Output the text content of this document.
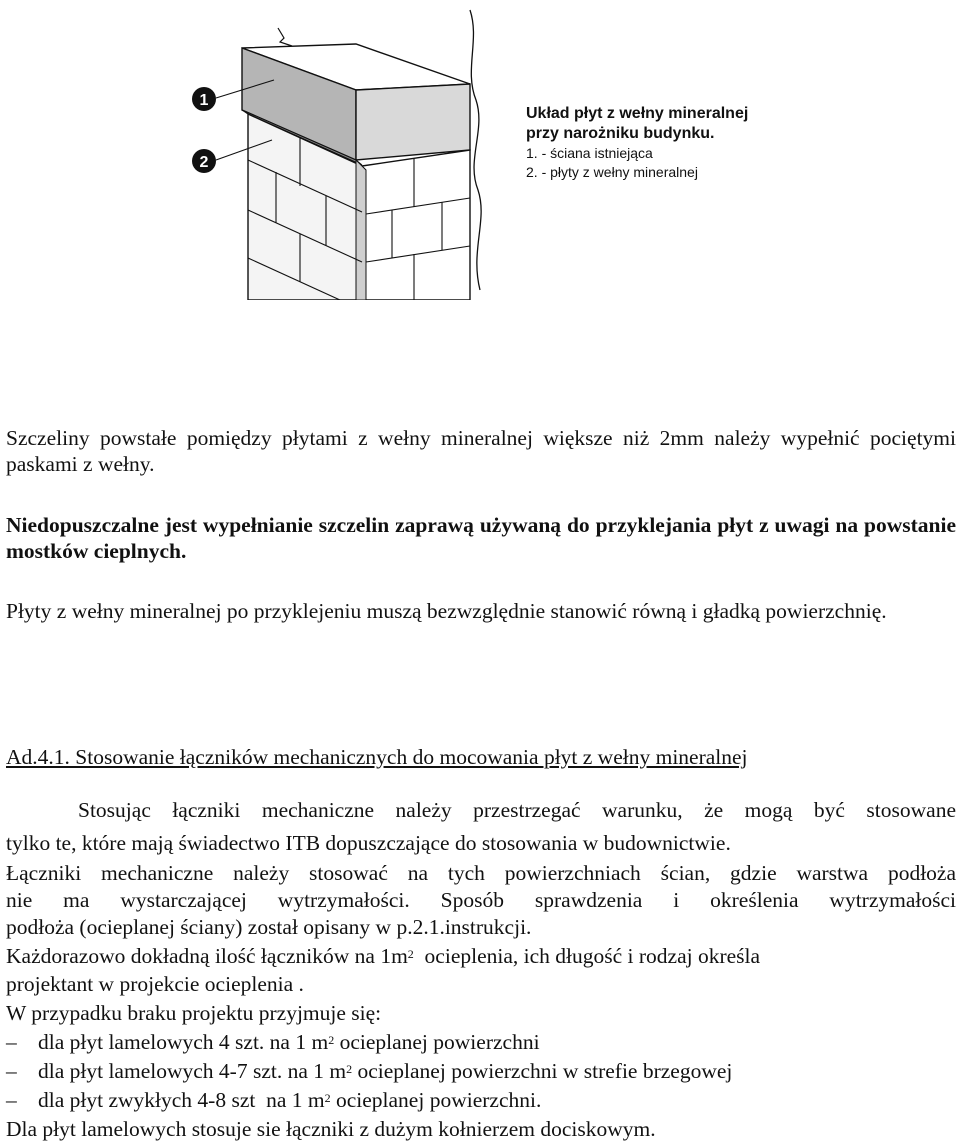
1
2
Układ płyt z wełny mineralnej
przy narożniku budynku.
1. - ściana istniejąca
2. - płyty z wełny mineralnej
Szczeliny powstałe pomiędzy płytami z wełny mineralnej większe niż 2mm należy wypełnić pociętymi paskami z wełny.
Niedopuszczalne jest wypełnianie szczelin zaprawą używaną do przyklejania płyt z uwagi na powstanie mostków cieplnych.
Płyty z wełny mineralnej po przyklejeniu muszą bezwzględnie stanowić równą i gładką powierzchnię.
Ad.4.1. Stosowanie łączników mechanicznych do mocowania płyt z wełny mineralnej
Stosując łączniki mechaniczne należy przestrzegać warunku, że mogą być stosowane
tylko te, które mają świadectwo ITB dopuszczające do stosowania w budownictwie.
Łączniki mechaniczne należy stosować na tych powierzchniach ścian, gdzie warstwa podłoża
nie ma wystarczającej wytrzymałości. Sposób sprawdzenia i określenia wytrzymałości
podłoża (ocieplanej ściany) został opisany w p.2.1.instrukcji.
Każdorazowo dokładną ilość łączników na $1m^2$  ocieplenia, ich długość i rodzaj określa
projektant w projekcie ocieplenia .
W przypadku braku projektu przyjmuje się:
– dla płyt lamelowych 4 szt. na 1 $m^2$ ocieplanej powierzchni
– dla płyt lamelowych 4-7 szt. na 1 $m^2$ ocieplanej powierzchni w strefie brzegowej
– dla płyt zwykłych 4-8 szt  na 1 $m^2$ ocieplanej powierzchni.
Dla płyt lamelowych stosuje sie łączniki z dużym kołnierzem dociskowym.
